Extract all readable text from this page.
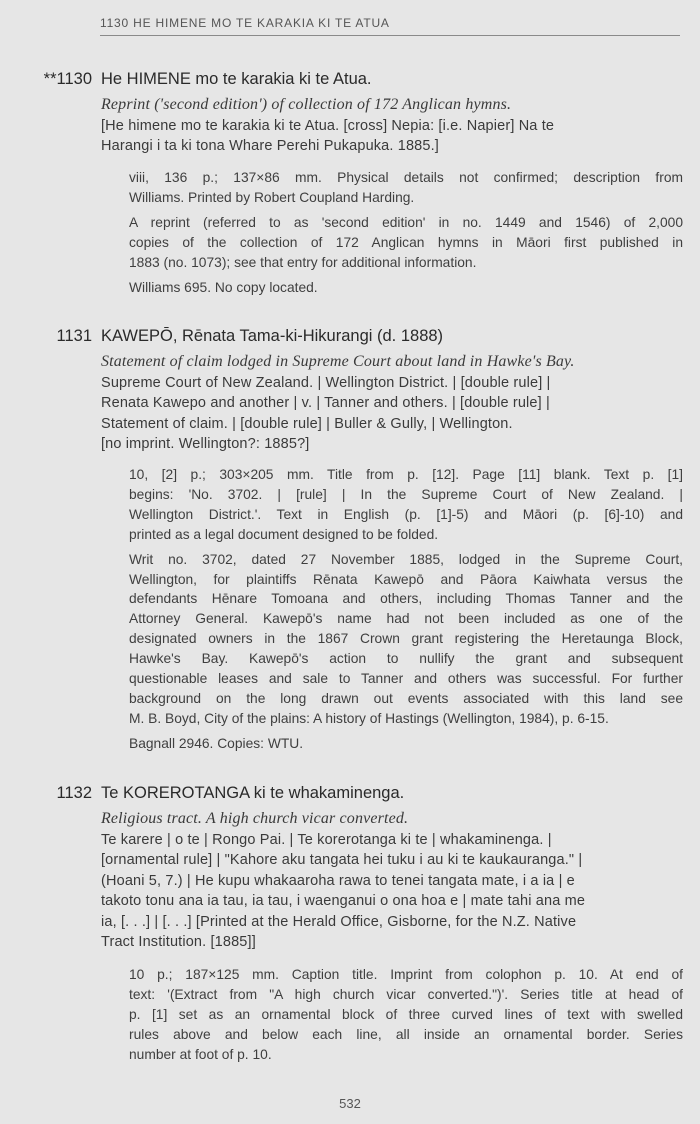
1130 HE HIMENE MO TE KARAKIA KI TE ATUA
**1130 He HIMENE mo te karakia ki te Atua.
Reprint ('second edition') of collection of 172 Anglican hymns.
[He himene mo te karakia ki te Atua. [cross] Nepia: [i.e. Napier] Na te
Harangi i ta ki tona Whare Perehi Pukapuka. 1885.]
viii, 136 p.; 137×86 mm. Physical details not confirmed; description from
Williams. Printed by Robert Coupland Harding.
A reprint (referred to as 'second edition' in no. 1449 and 1546) of 2,000
copies of the collection of 172 Anglican hymns in Māori first published in
1883 (no. 1073); see that entry for additional information.
Williams 695. No copy located.
1131 KAWEPŌ, Rēnata Tama-ki-Hikurangi (d. 1888)
Statement of claim lodged in Supreme Court about land in Hawke's Bay.
Supreme Court of New Zealand. | Wellington District. | [double rule] |
Renata Kawepo and another | v. | Tanner and others. | [double rule] |
Statement of claim. | [double rule] | Buller & Gully, | Wellington.
[no imprint. Wellington?: 1885?]
10, [2] p.; 303×205 mm. Title from p. [12]. Page [11] blank. Text p. [1]
begins: 'No. 3702. | [rule] | In the Supreme Court of New Zealand. |
Wellington District.'. Text in English (p. [1]-5) and Māori (p. [6]-10) and
printed as a legal document designed to be folded.
Writ no. 3702, dated 27 November 1885, lodged in the Supreme Court,
Wellington, for plaintiffs Rēnata Kawepō and Pāora Kaiwhata versus the
defendants Hēnare Tomoana and others, including Thomas Tanner and the
Attorney General. Kawepō's name had not been included as one of the
designated owners in the 1867 Crown grant registering the Heretaunga Block,
Hawke's Bay. Kawepō's action to nullify the grant and subsequent
questionable leases and sale to Tanner and others was successful. For further
background on the long drawn out events associated with this land see
M. B. Boyd, City of the plains: A history of Hastings (Wellington, 1984), p. 6-15.
Bagnall 2946. Copies: WTU.
1132 Te KOREROTANGA ki te whakaminenga.
Religious tract. A high church vicar converted.
Te karere | o te | Rongo Pai. | Te korerotanga ki te | whakaminenga. |
[ornamental rule] | "Kahore aku tangata hei tuku i au ki te kaukauranga." |
(Hoani 5, 7.) | He kupu whakaaroha rawa to tenei tangata mate, i a ia | e
takoto tonu ana ia tau, ia tau, i waenganui o ona hoa e | mate tahi ana me
ia, [. . .] | [. . .] [Printed at the Herald Office, Gisborne, for the N.Z. Native
Tract Institution. [1885]]
10 p.; 187×125 mm. Caption title. Imprint from colophon p. 10. At end of
text: '(Extract from "A high church vicar converted.")'. Series title at head of
p. [1] set as an ornamental block of three curved lines of text with swelled
rules above and below each line, all inside an ornamental border. Series
number at foot of p. 10.
532
